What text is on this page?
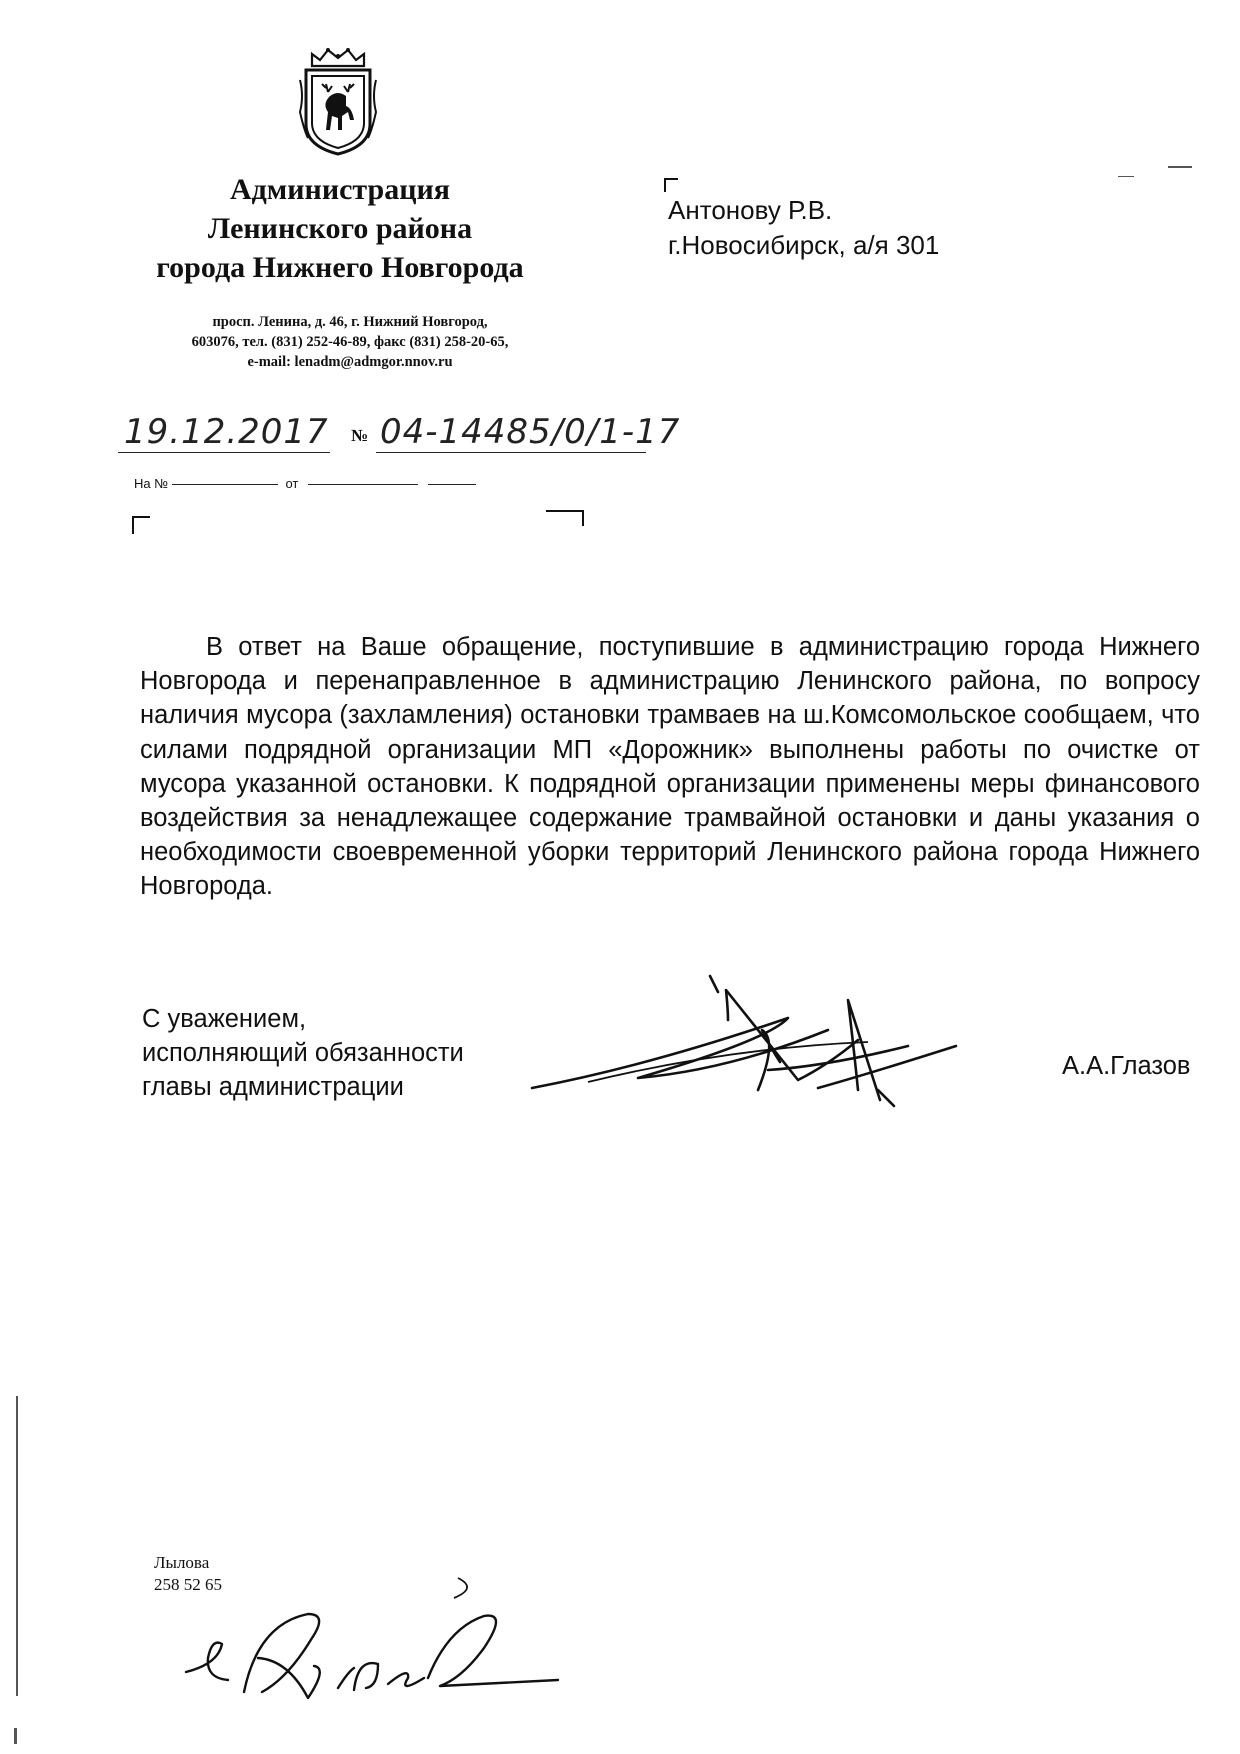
Администрация
Ленинского района
города Нижнего Новгорода
просп. Ленина, д. 46, г. Нижний Новгород,
603076, тел. (831) 252-46-89, факс (831) 258-20-65,
e-mail: lenadm@admgor.nnov.ru
Антонову Р.В.
г.Новосибирск, а/я 301
19.12.2017 № 04-14485/0/1-17
На №	от

В ответ на Ваше обращение, поступившие в администрацию города Нижнего Новгорода и перенаправленное в администрацию Ленинского района, по вопросу наличия мусора (захламления) остановки трамваев на ш.Комсомольское сообщаем, что силами подрядной организации МП «Дорожник» выполнены работы по очистке от мусора указанной остановки. К подрядной организации применены меры финансового воздействия за ненадлежащее содержание трамвайной остановки и даны указания о необходимости своевременной уборки территорий Ленинского района города Нижнего Новгорода.

С уважением,
исполняющий обязанности
главы администрации
А.А.Глазов
Лылова
258 52 65
